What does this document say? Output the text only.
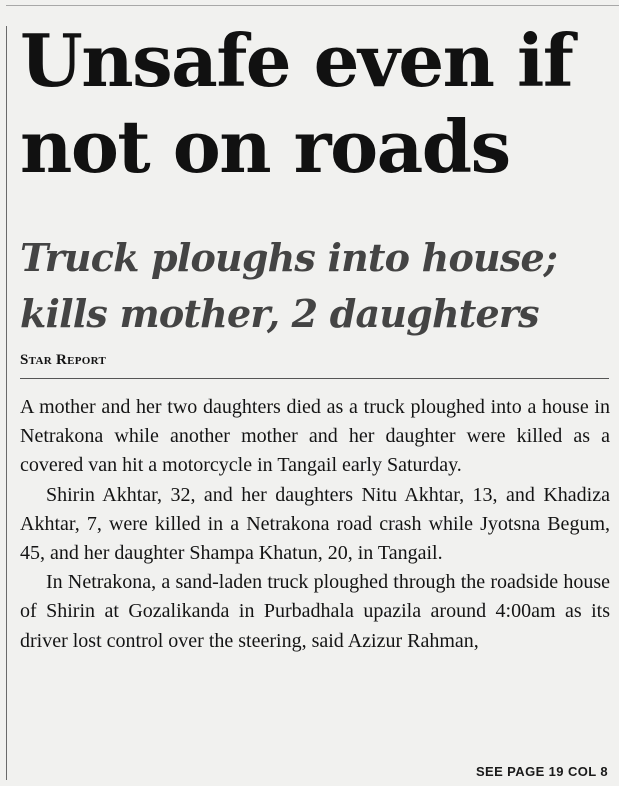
Unsafe even if not on roads
Truck ploughs into house; kills mother, 2 daughters
Star Report

A mother and her two daughters died as a truck ploughed into a house in Netrakona while another mother and her daughter were killed as a covered van hit a motorcycle in Tangail early Saturday.

Shirin Akhtar, 32, and her daughters Nitu Akhtar, 13, and Khadiza Akhtar, 7, were killed in a Netrakona road crash while Jyotsna Begum, 45, and her daughter Shampa Khatun, 20, in Tangail.

In Netrakona, a sand-laden truck ploughed through the roadside house of Shirin at Gozalikanda in Purbadhala upazila around 4:00am as its driver lost control over the steering, said Azizur Rahman,

SEE PAGE 19 COL 8
